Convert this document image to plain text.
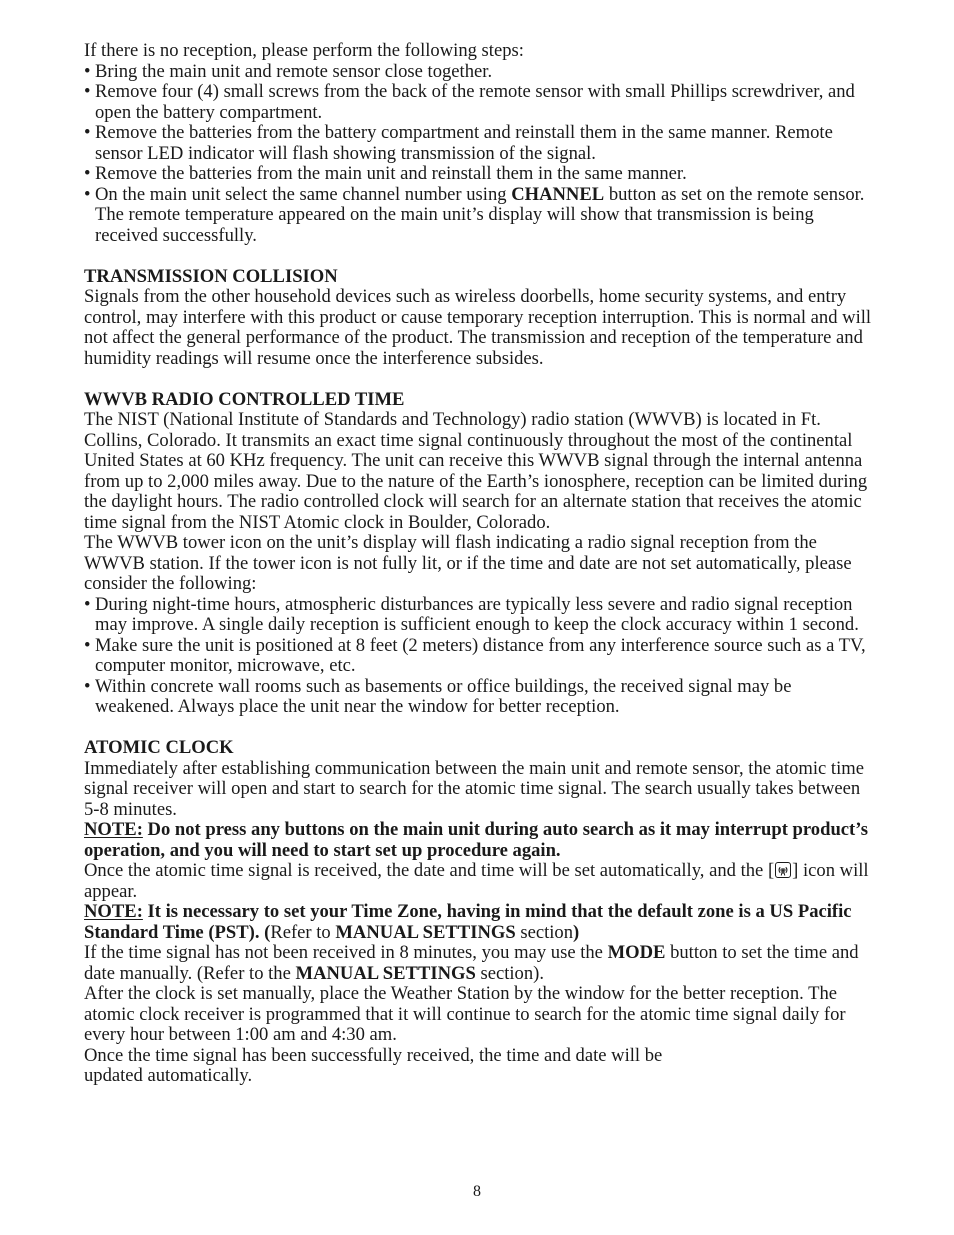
If there is no reception, please perform the following steps:

• Bring the main unit and remote sensor close together.

• Remove four (4) small screws from the back of the remote sensor with small Phillips screwdriver, and open the battery compartment.

• Remove the batteries from the battery compartment and reinstall them in the same manner. Remote sensor LED indicator will flash showing transmission of the signal.

• Remove the batteries from the main unit and reinstall them in the same manner.

• On the main unit select the same channel number using CHANNEL button as set on the remote sensor. The remote temperature appeared on the main unit’s display will show that transmission is being received successfully.

TRANSMISSION COLLISION

Signals from the other household devices such as wireless doorbells, home security systems, and entry control, may interfere with this product or cause temporary reception interruption. This is normal and will not affect the general performance of the product. The transmission and reception of the temperature and humidity readings will resume once the interference subsides.

WWVB RADIO CONTROLLED TIME

The NIST (National Institute of Standards and Technology) radio station (WWVB) is located in Ft. Collins, Colorado. It transmits an exact time signal continuously throughout the most of the continental United States at 60 KHz frequency. The unit can receive this WWVB signal through the internal antenna from up to 2,000 miles away. Due to the nature of the Earth’s ionosphere, reception can be limited during the daylight hours. The radio controlled clock will search for an alternate station that receives the atomic time signal from the NIST Atomic clock in Boulder, Colorado.

The WWVB tower icon on the unit’s display will flash indicating a radio signal reception from the WWVB station. If the tower icon is not fully lit, or if the time and date are not set automatically, please consider the following:

• During night-time hours, atmospheric disturbances are typically less severe and radio signal reception may improve. A single daily reception is sufficient enough to keep the clock accuracy within 1 second.

• Make sure the unit is positioned at 8 feet (2 meters) distance from any interference source such as a TV, computer monitor, microwave, etc.

• Within concrete wall rooms such as basements or office buildings, the received signal may be weakened. Always place the unit near the window for better reception.

ATOMIC CLOCK

Immediately after establishing communication between the main unit and remote sensor, the atomic time signal receiver will open and start to search for the atomic time signal. The search usually takes between 5-8 minutes.

NOTE: Do not press any buttons on the main unit during auto search as it may interrupt product’s operation, and you will need to start set up procedure again.

Once the atomic time signal is received, the date and time will be set automatically, and the [ ] icon will appear.

NOTE: It is necessary to set your Time Zone, having in mind that the default zone is a US Pacific Standard Time (PST). (Refer to MANUAL SETTINGS section)

If the time signal has not been received in 8 minutes, you may use the MODE button to set the time and date manually. (Refer to the MANUAL SETTINGS section).

After the clock is set manually, place the Weather Station by the window for the better reception. The atomic clock receiver is programmed that it will continue to search for the atomic time signal daily for every hour between 1:00 am and 4:30 am.

Once the time signal has been successfully received, the time and date will be

updated automatically.

8
